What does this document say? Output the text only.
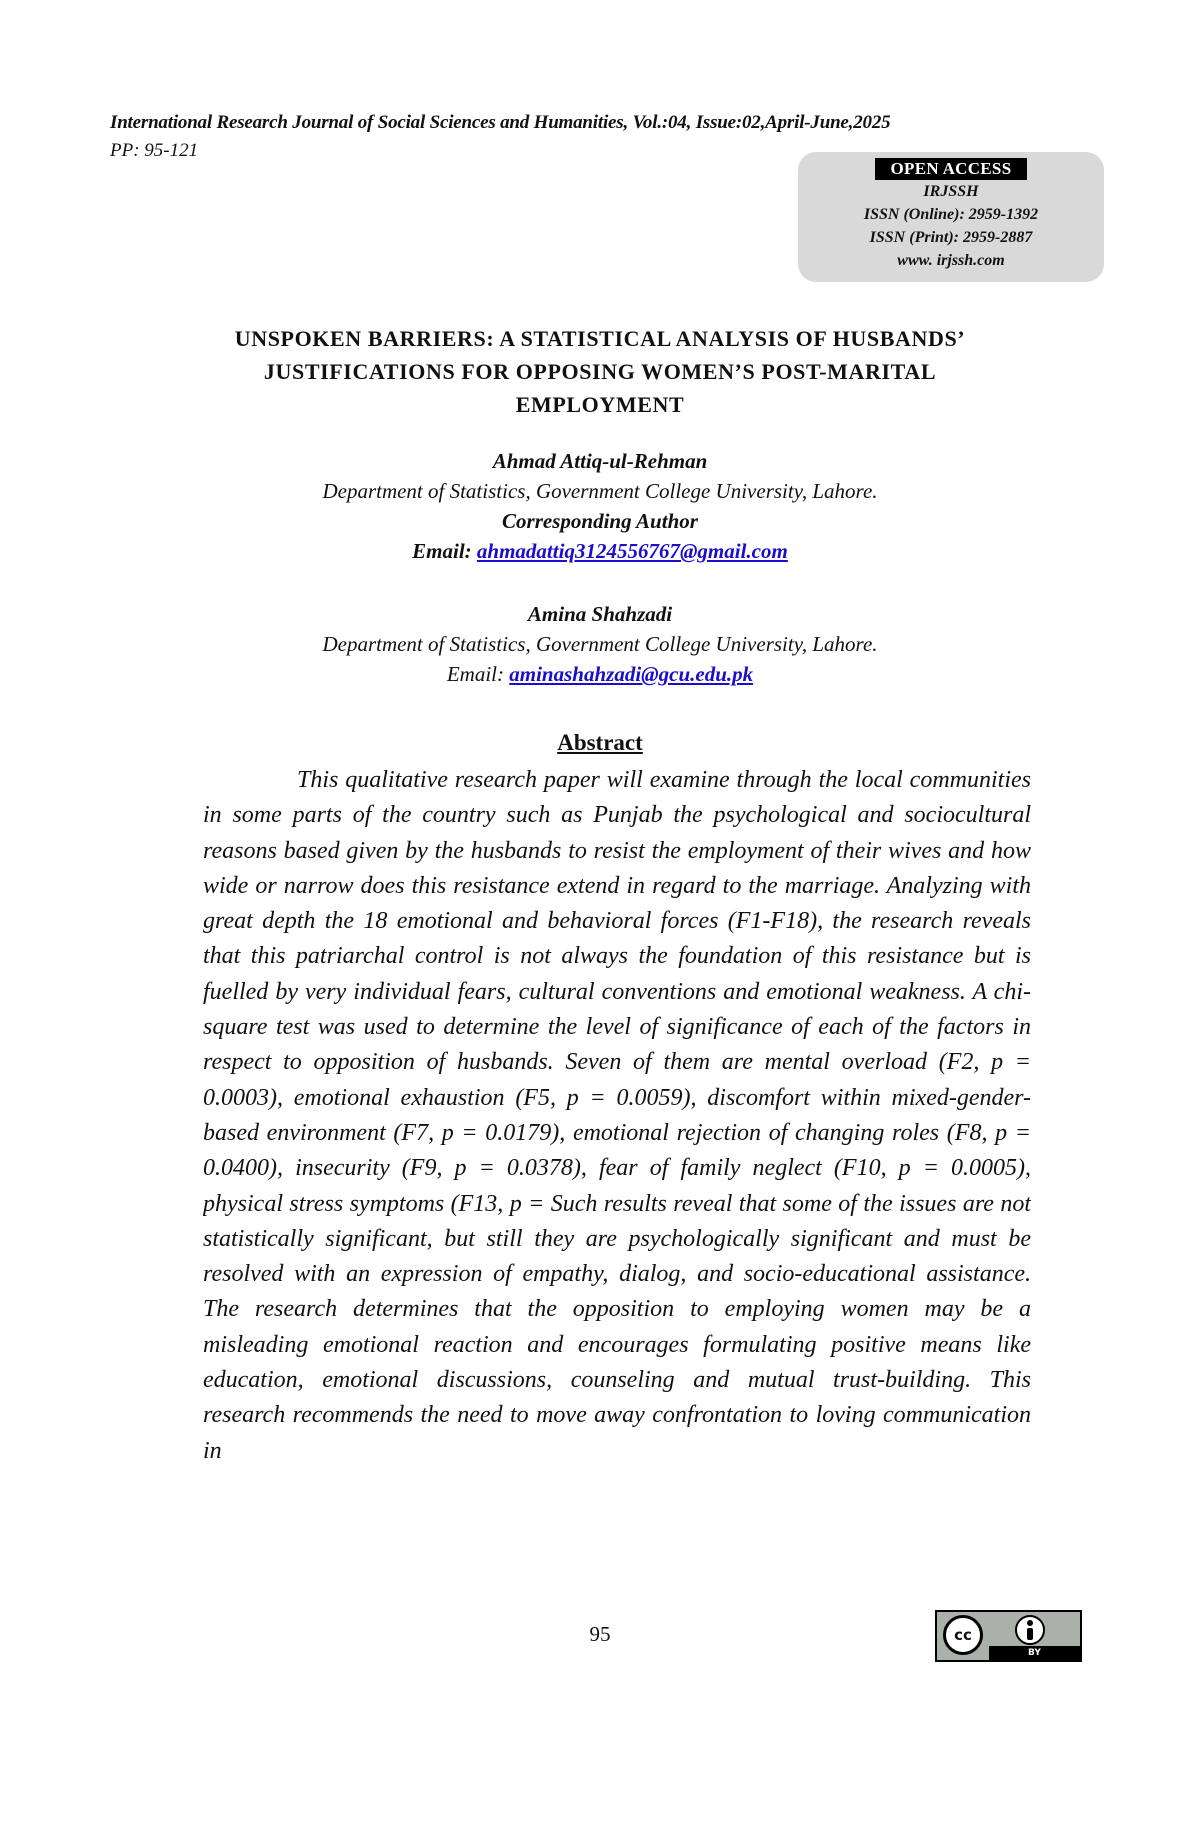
International Research Journal of Social Sciences and Humanities, Vol.:04, Issue:02,April-June,2025
PP: 95-121
OPEN ACCESS
IRJSSH
ISSN (Online): 2959-1392
ISSN (Print): 2959-2887
www. irjssh.com
UNSPOKEN BARRIERS: A STATISTICAL ANALYSIS OF HUSBANDS’
JUSTIFICATIONS FOR OPPOSING WOMEN’S POST-MARITAL
EMPLOYMENT
Ahmad Attiq-ul-Rehman
Department of Statistics, Government College University, Lahore.
Corresponding Author
Email: ahmadattiq3124556767@gmail.com
Amina Shahzadi
Department of Statistics, Government College University, Lahore.
Email: aminashahzadi@gcu.edu.pk
Abstract
This qualitative research paper will examine through the local communities in some parts of the country such as Punjab the psychological and sociocultural reasons based given by the husbands to resist the employment of their wives and how wide or narrow does this resistance extend in regard to the marriage. Analyzing with great depth the 18 emotional and behavioral forces (F1-F18), the research reveals that this patriarchal control is not always the foundation of this resistance but is fuelled by very individual fears, cultural conventions and emotional weakness. A chi-square test was used to determine the level of significance of each of the factors in respect to opposition of husbands. Seven of them are mental overload (F2, p = 0.0003), emotional exhaustion (F5, p = 0.0059), discomfort within mixed-gender-based environment (F7, p = 0.0179), emotional rejection of changing roles (F8, p = 0.0400), insecurity (F9, p = 0.0378), fear of family neglect (F10, p = 0.0005), physical stress symptoms (F13, p = Such results reveal that some of the issues are not statistically significant, but still they are psychologically significant and must be resolved with an expression of empathy, dialog, and socio-educational assistance. The research determines that the opposition to employing women may be a misleading emotional reaction and encourages formulating positive means like education, emotional discussions, counseling and mutual trust-building. This research recommends the need to move away confrontation to loving communication in
95	cc
BY
